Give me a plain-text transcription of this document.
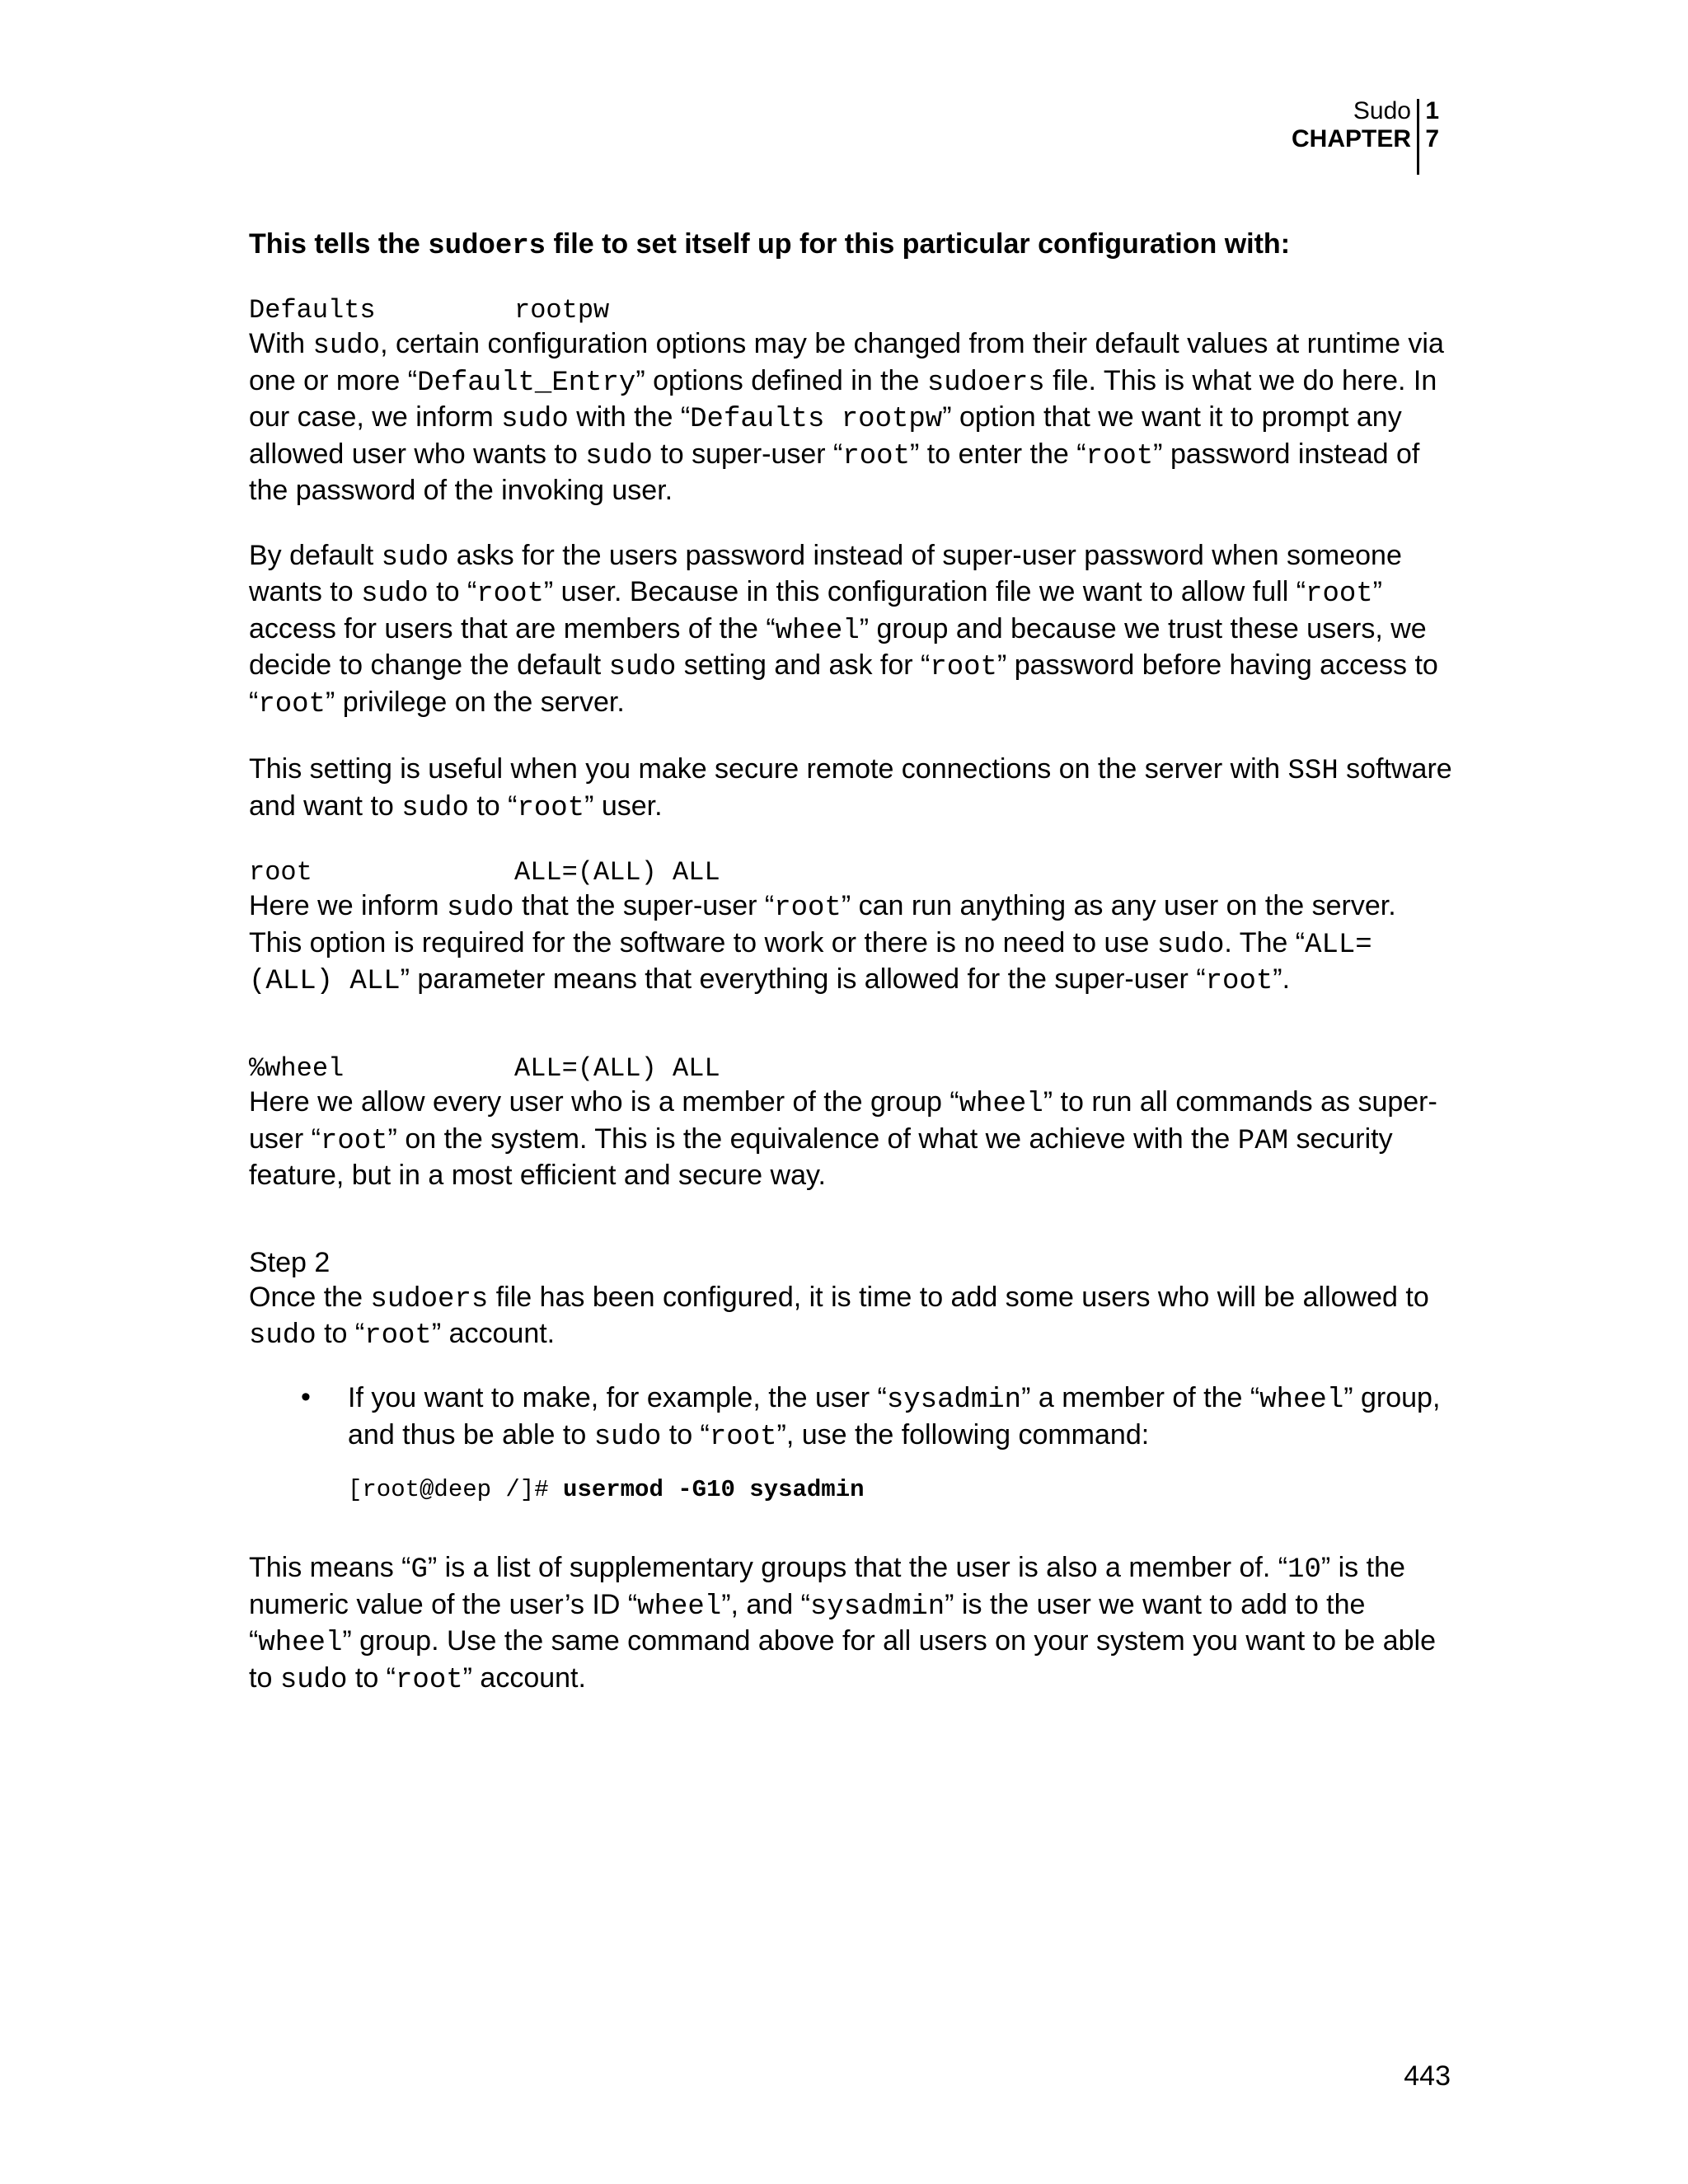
Sudo
CHAPTER
1
7
This tells the sudoers file to set itself up for this particular configuration with:
Defaults	rootpw

With sudo, certain configuration options may be changed from their default values at runtime via one or more “Default_Entry” options defined in the sudoers file. This is what we do here. In our case, we inform sudo with the “Defaults rootpw” option that we want it to prompt any allowed user who wants to sudo to super-user “root” to enter the “root” password instead of the password of the invoking user.

By default sudo asks for the users password instead of super-user password when someone wants to sudo to “root” user. Because in this configuration file we want to allow full “root” access for users that are members of the “wheel” group and because we trust these users, we decide to change the default sudo setting and ask for “root” password before having access to “root” privilege on the server.

This setting is useful when you make secure remote connections on the server with SSH software and want to sudo to “root” user.

root	ALL=(ALL) ALL

Here we inform sudo that the super-user “root” can run anything as any user on the server. This option is required for the software to work or there is no need to use sudo. The “ALL=(ALL) ALL” parameter means that everything is allowed for the super-user “root”.

%wheel	ALL=(ALL) ALL

Here we allow every user who is a member of the group “wheel” to run all commands as super-user “root” on the system. This is the equivalence of what we achieve with the PAM security feature, but in a most efficient and secure way.

Step 2

Once the sudoers file has been configured, it is time to add some users who will be allowed to sudo to “root” account.

• If you want to make, for example, the user “sysadmin” a member of the “wheel” group, and thus be able to sudo to “root”, use the following command:
[root@deep /]# usermod -G10 sysadmin

This means “G” is a list of supplementary groups that the user is also a member of. “10” is the numeric value of the user’s ID “wheel”, and “sysadmin” is the user we want to add to the “wheel” group. Use the same command above for all users on your system you want to be able to sudo to “root” account.

443
